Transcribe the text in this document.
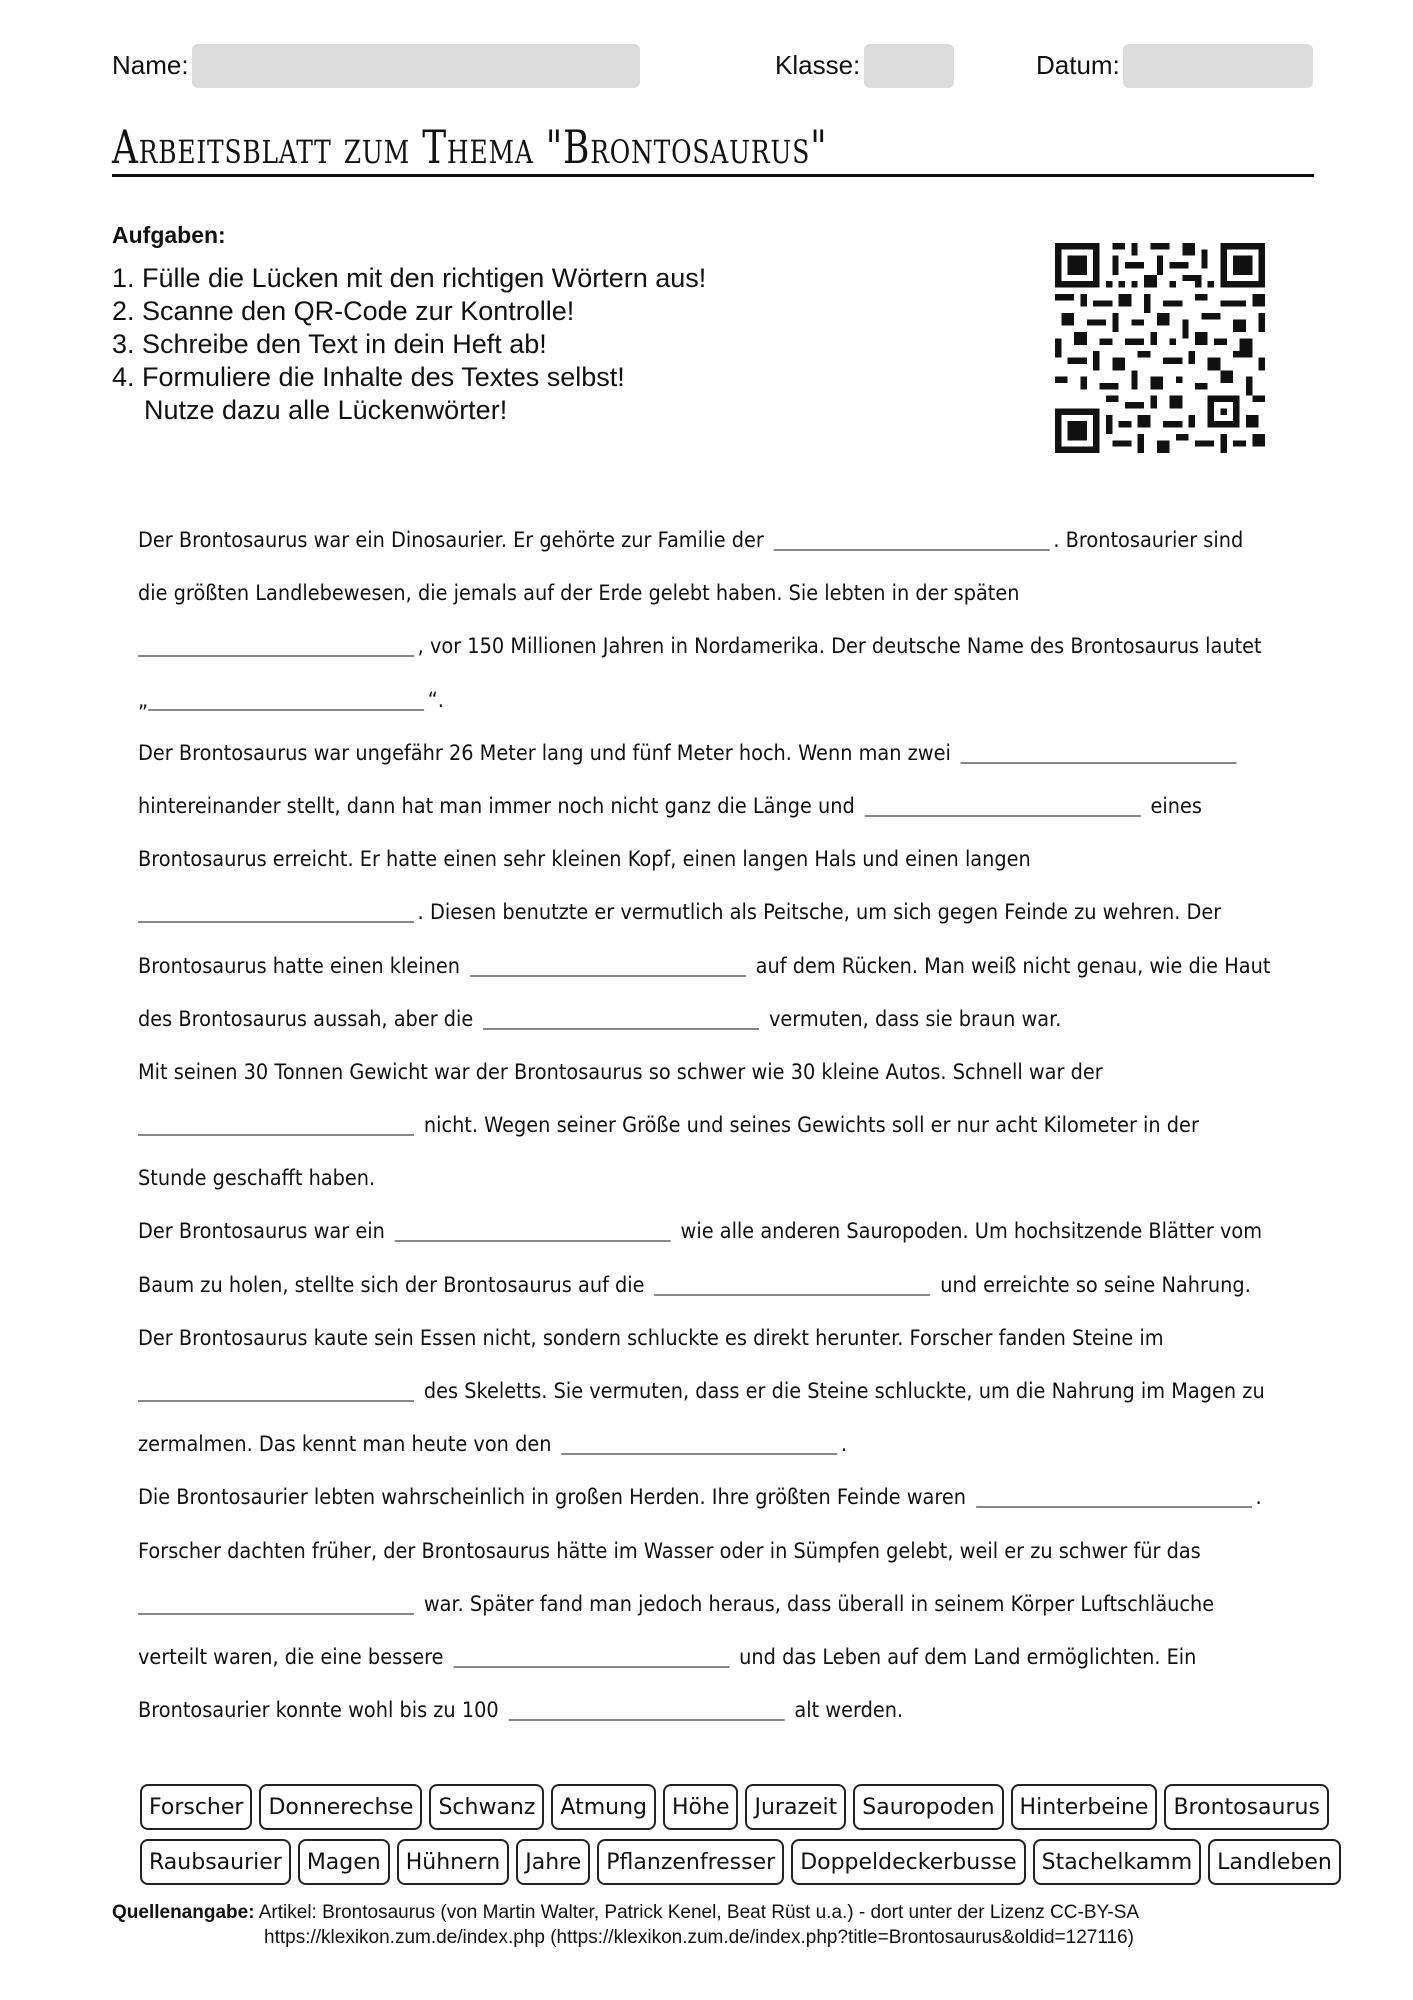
Name:	Klasse:	Datum:
Arbeitsblatt zum Thema "Brontosaurus"
Aufgaben:
1. Fülle die Lücken mit den richtigen Wörtern aus!
2. Scanne den QR-Code zur Kontrolle!
3. Schreibe den Text in dein Heft ab!
4. Formuliere die Inhalte des Textes selbst!
Nutze dazu alle Lückenwörter!
Der Brontosaurus war ein Dinosaurier. Er gehörte zur Familie der	. Brontosaurier sind
die größten Landlebewesen, die jemals auf der Erde gelebt haben. Sie lebten in der späten
, vor 150 Millionen Jahren in Nordamerika. Der deutsche Name des Brontosaurus lautet
„	“.
Der Brontosaurus war ungefähr 26 Meter lang und fünf Meter hoch. Wenn man zwei
hintereinander stellt, dann hat man immer noch nicht ganz die Länge und	eines
Brontosaurus erreicht. Er hatte einen sehr kleinen Kopf, einen langen Hals und einen langen
. Diesen benutzte er vermutlich als Peitsche, um sich gegen Feinde zu wehren. Der
Brontosaurus hatte einen kleinen	auf dem Rücken. Man weiß nicht genau, wie die Haut
des Brontosaurus aussah, aber die	vermuten, dass sie braun war.
Mit seinen 30 Tonnen Gewicht war der Brontosaurus so schwer wie 30 kleine Autos. Schnell war der
nicht. Wegen seiner Größe und seines Gewichts soll er nur acht Kilometer in der
Stunde geschafft haben.
Der Brontosaurus war ein	wie alle anderen Sauropoden. Um hochsitzende Blätter vom
Baum zu holen, stellte sich der Brontosaurus auf die	und erreichte so seine Nahrung.
Der Brontosaurus kaute sein Essen nicht, sondern schluckte es direkt herunter. Forscher fanden Steine im
des Skeletts. Sie vermuten, dass er die Steine schluckte, um die Nahrung im Magen zu
zermalmen. Das kennt man heute von den	.
Die Brontosaurier lebten wahrscheinlich in großen Herden. Ihre größten Feinde waren	.
Forscher dachten früher, der Brontosaurus hätte im Wasser oder in Sümpfen gelebt, weil er zu schwer für das
war. Später fand man jedoch heraus, dass überall in seinem Körper Luftschläuche
verteilt waren, die eine bessere	und das Leben auf dem Land ermöglichten. Ein
Brontosaurier konnte wohl bis zu 100	alt werden.
Forscher	Donnerechse	Schwanz	Atmung	Höhe	Jurazeit	Sauropoden	Hinterbeine	Brontosaurus
Raubsaurier	Magen	Hühnern	Jahre	Pflanzenfresser	Doppeldeckerbusse	Stachelkamm	Landleben
Quellenangabe: Artikel: Brontosaurus (von Martin Walter, Patrick Kenel, Beat Rüst u.a.) - dort unter der Lizenz CC-BY-SA
https://klexikon.zum.de/index.php (https://klexikon.zum.de/index.php?title=Brontosaurus&oldid=127116)
